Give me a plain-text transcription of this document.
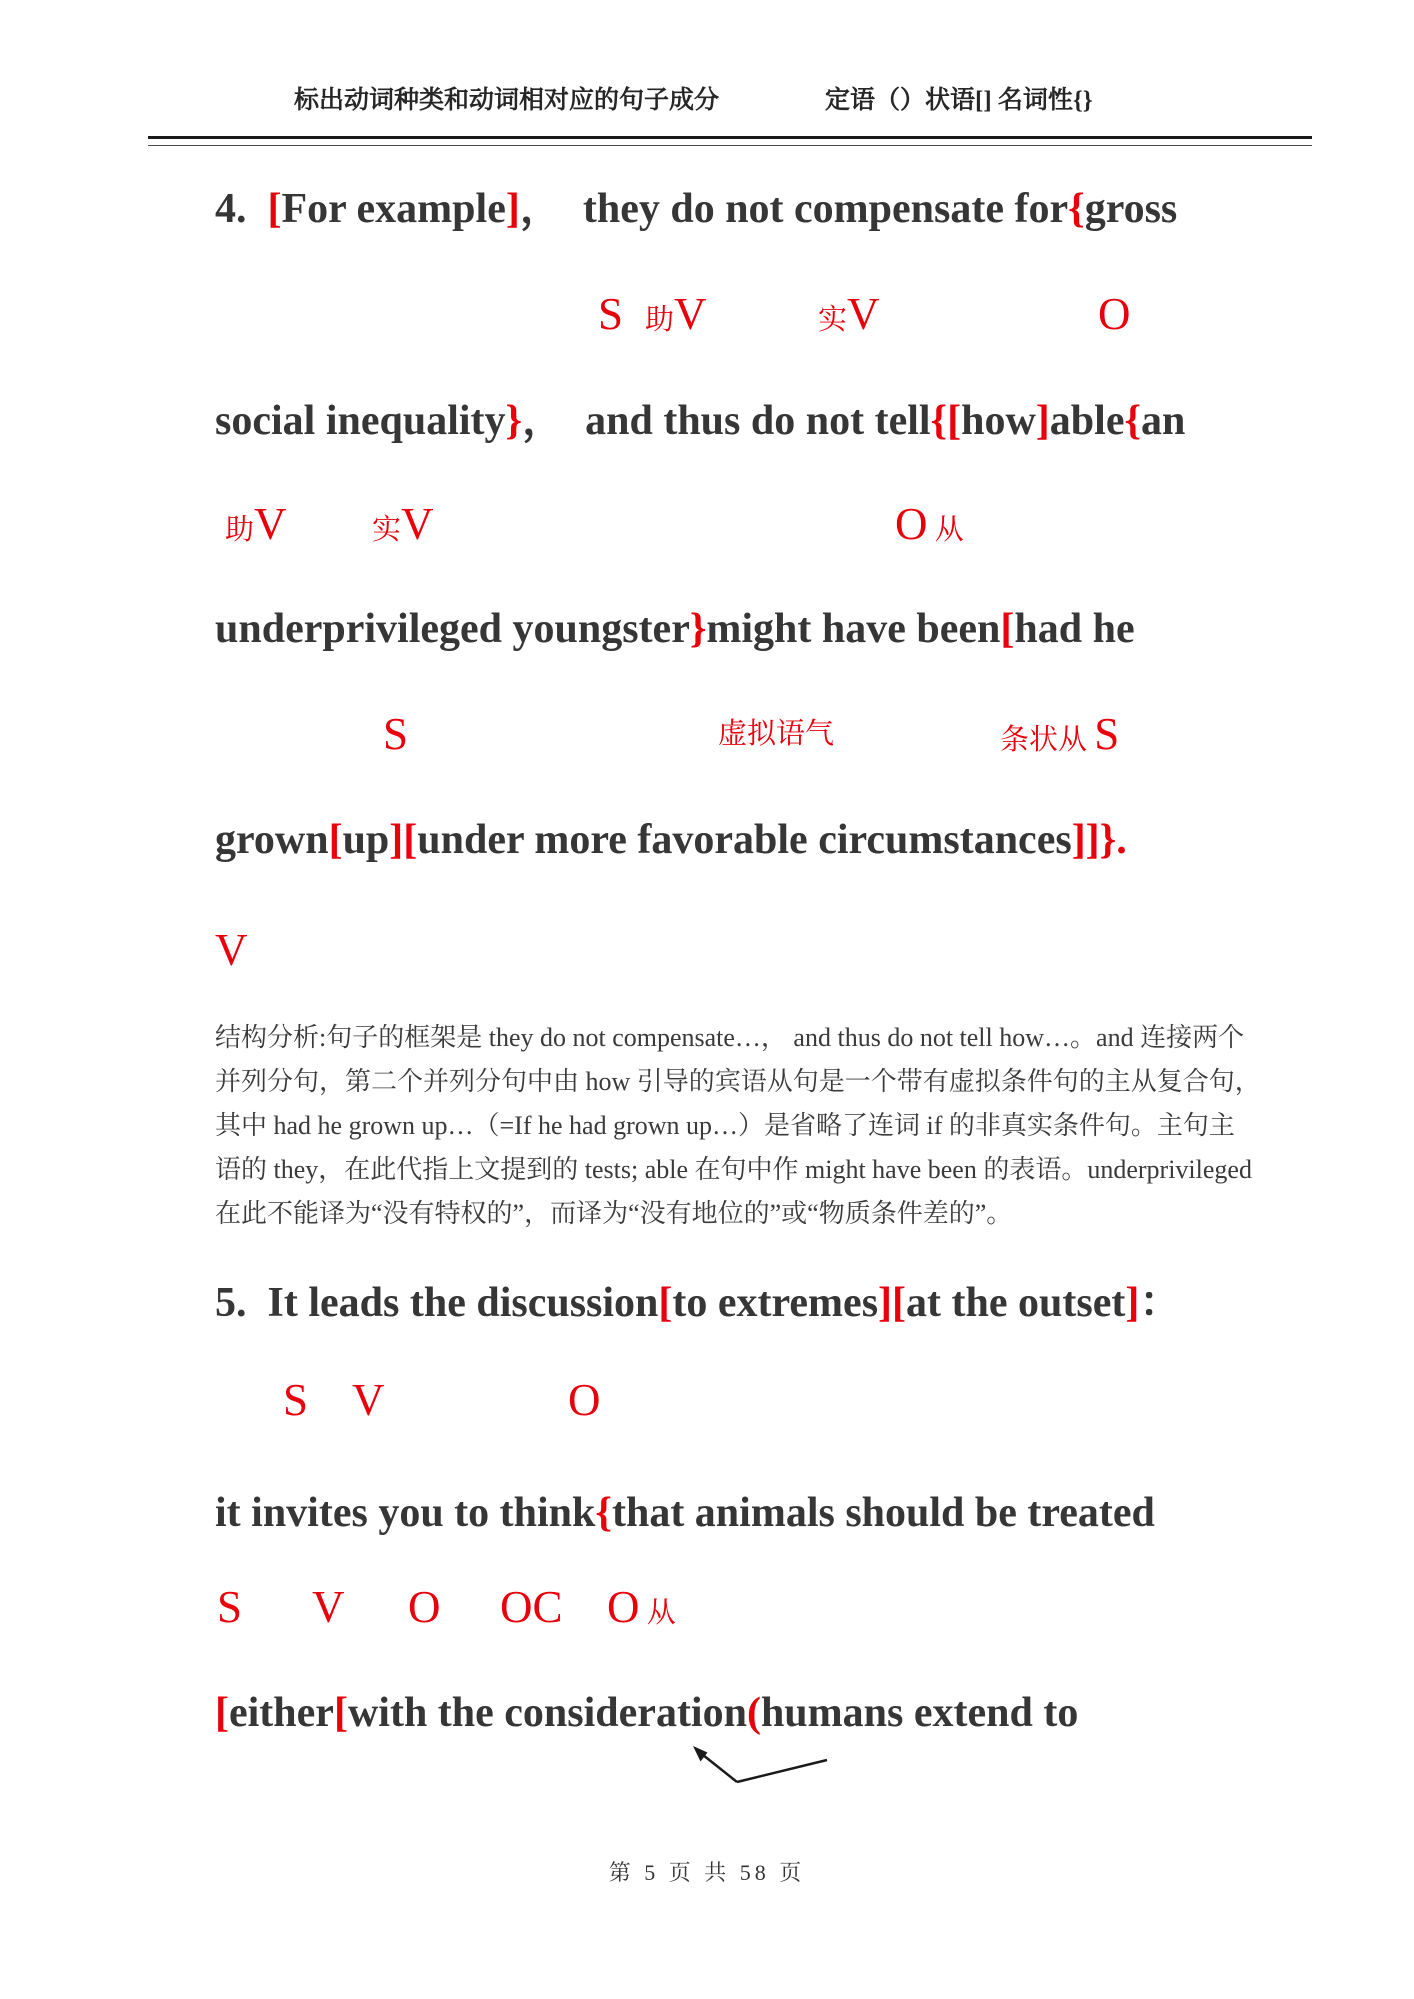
标出动词种类和动词相对应的句子成分	定语（）状语[] 名词性{}
4.  [For example]，  they do not compensate for{gross
S 助V	实V	O
social inequality}，  and thus do not tell{[how]able{an
助V	实V	O 从
underprivileged youngster}might have been[had he
S	虚拟语气	条状从 S
grown[up][under more favorable circumstances]]}.
V
结构分析:句子的框架是 they do not compensate…， and thus do not tell how…。and 连接两个
并列分句，第二个并列分句中由 how 引导的宾语从句是一个带有虚拟条件句的主从复合句，
其中 had he grown up…（=If he had grown up…）是省略了连词 if 的非真实条件句。主句主
语的 they，在此代指上文提到的 tests; able 在句中作 might have been 的表语。underprivileged
在此不能译为“没有特权的”，而译为“没有地位的”或“物质条件差的”。
5.  It leads the discussion[to extremes][at the outset]：
S V	O
it invites you to think{that animals should be treated
S V O OC O 从
[either[with the consideration(humans extend to
第 5 页 共 58 页
